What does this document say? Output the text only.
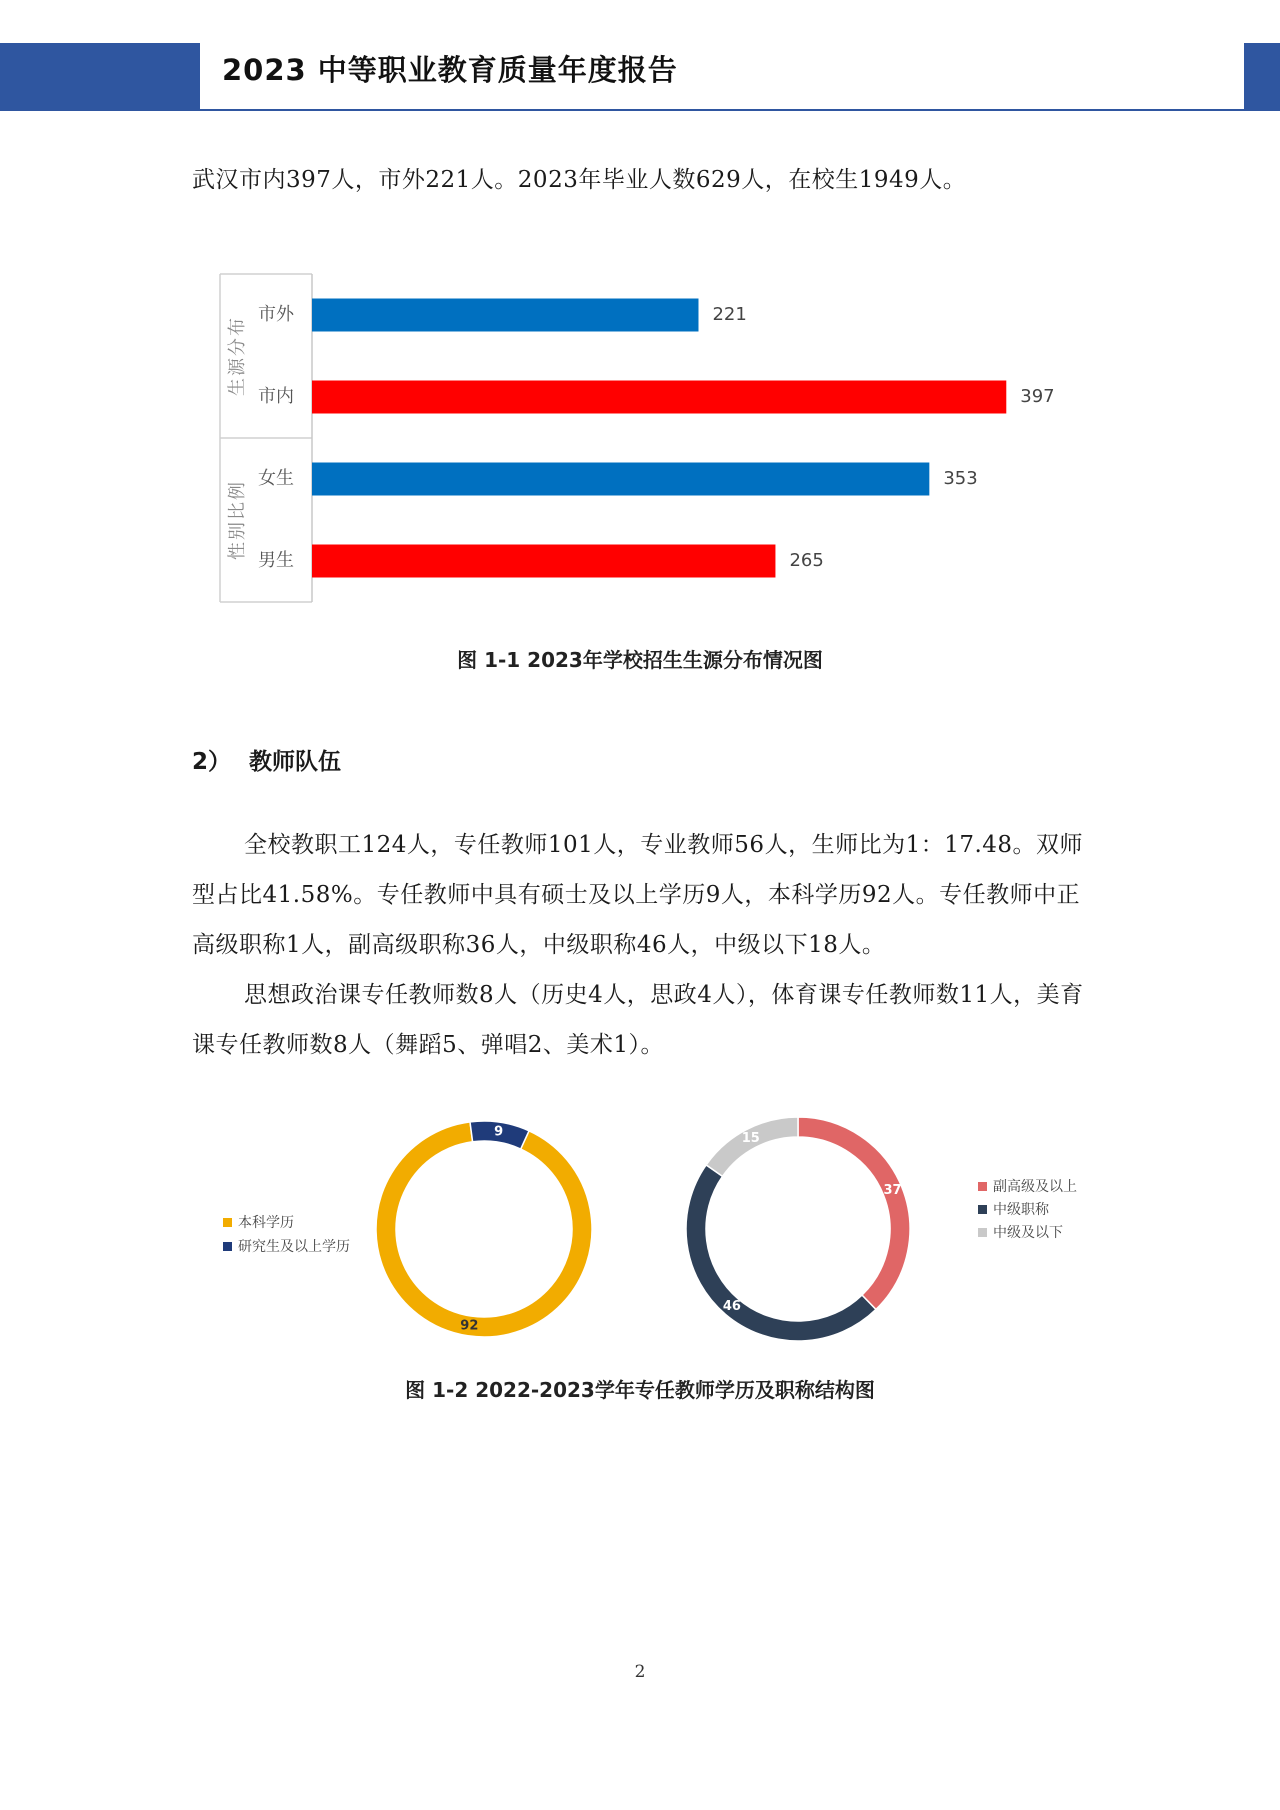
2023 中等职业教育质量年度报告

武汉市内397人，市外221人。2023年毕业人数629人，在校生1949人。

生源分布
性别比例
市外
市内
女生
男生
221
397
353
265
图 1-1 2023年学校招生生源分布情况图
2） 教师队伍

全校教职工124人，专任教师101人，专业教师56人，生师比为1：17.48。双师型占比41.58%。专任教师中具有硕士及以上学历9人，本科学历92人。专任教师中正高级职称1人，副高级职称36人，中级职称46人，中级以下18人。

思想政治课专任教师数8人（历史4人，思政4人），体育课专任教师数11人，美育课专任教师数8人（舞蹈5、弹唱2、美术1）。

92
9
本科学历
研究生及以上学历
37
46
15
副高级及以上
中级职称
中级及以下
图 1-2 2022-2023学年专任教师学历及职称结构图
2
